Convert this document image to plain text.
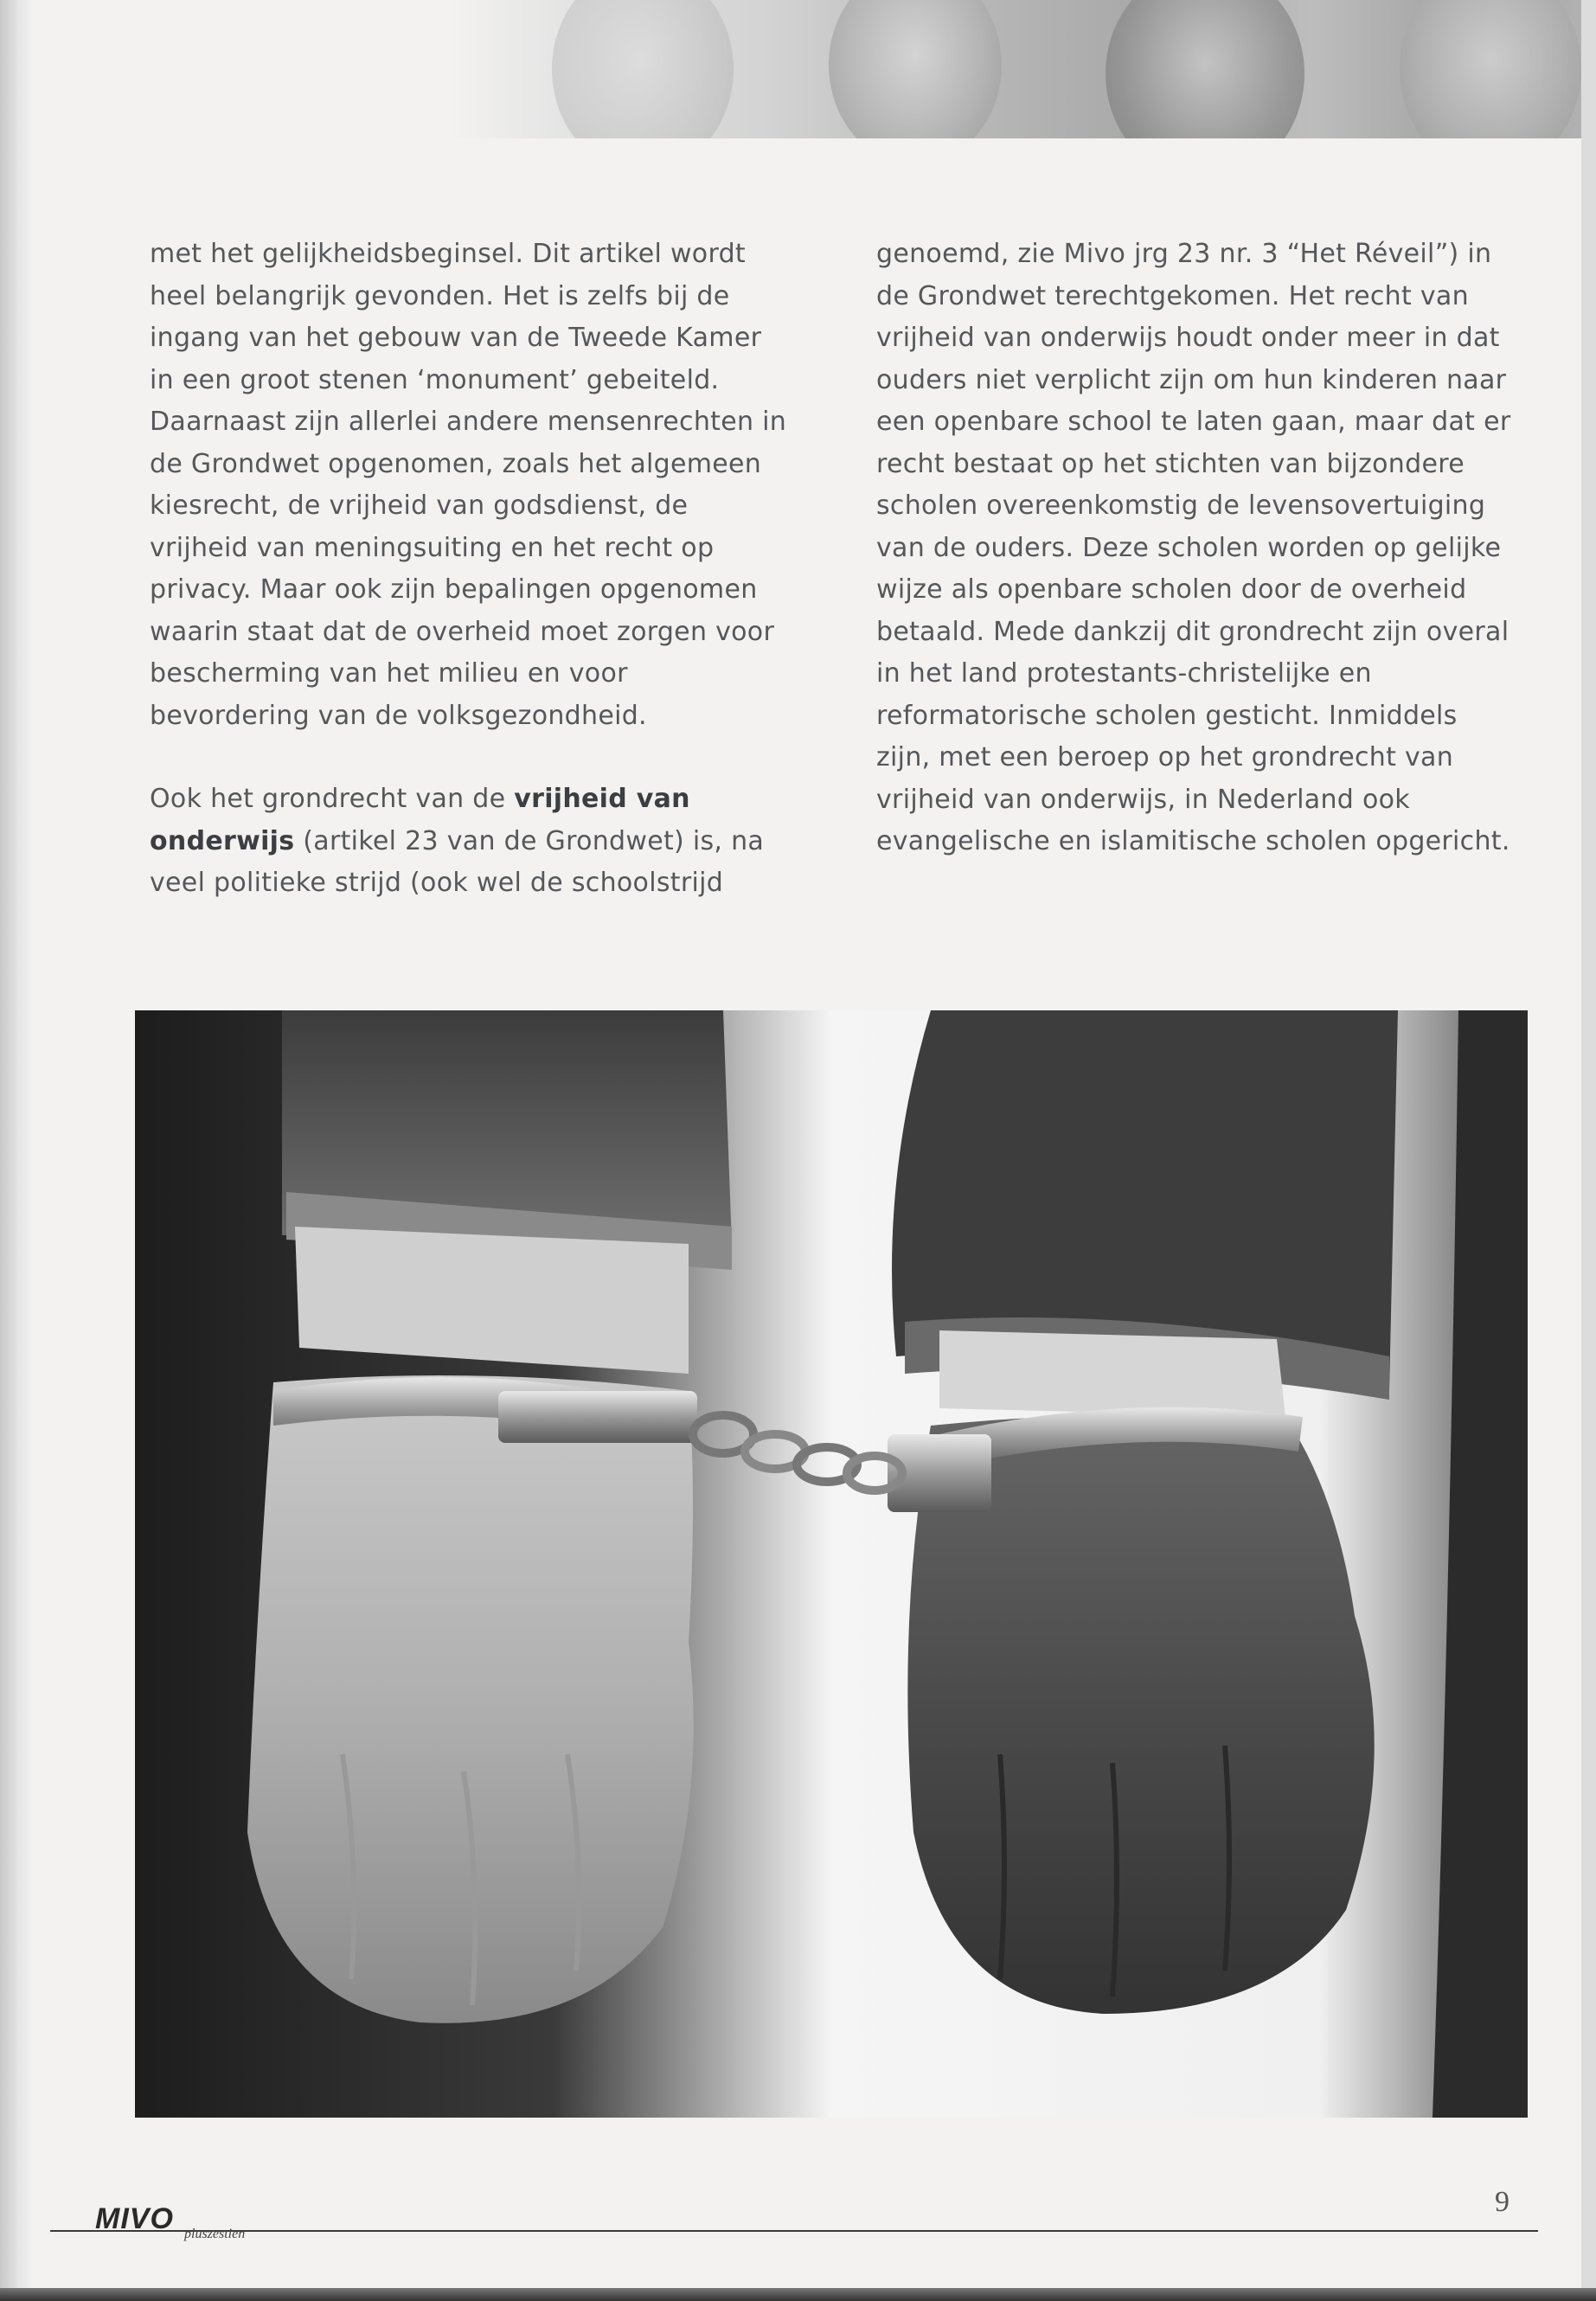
met het gelijkheidsbeginsel. Dit artikel wordt heel belangrijk gevonden. Het is zelfs bij de ingang van het gebouw van de Tweede Kamer in een groot stenen ‘monument’ gebeiteld. Daarnaast zijn allerlei andere mensenrechten in de Grondwet opgenomen, zoals het algemeen kiesrecht, de vrijheid van godsdienst, de vrijheid van meningsuiting en het recht op privacy. Maar ook zijn bepalingen opgenomen waarin staat dat de overheid moet zorgen voor bescherming van het milieu en voor bevordering van de volksgezondheid.

Ook het grondrecht van de vrijheid van onderwijs (artikel 23 van de Grondwet) is, na veel politieke strijd (ook wel de schoolstrijd

genoemd, zie Mivo jrg 23 nr. 3 “Het Réveil”) in de Grondwet terechtgekomen. Het recht van vrijheid van onderwijs houdt onder meer in dat ouders niet verplicht zijn om hun kinderen naar een openbare school te laten gaan, maar dat er recht bestaat op het stichten van bijzondere scholen overeenkomstig de levensovertuiging van de ouders. Deze scholen worden op gelijke wijze als openbare scholen door de overheid betaald. Mede dankzij dit grondrecht zijn overal in het land protestants-christelijke en reformatorische scholen gesticht. Inmiddels zijn, met een beroep op het grondrecht van vrijheid van onderwijs, in Nederland ook evangelische en islamitische scholen opgericht.

MIVO pluszestien
9
